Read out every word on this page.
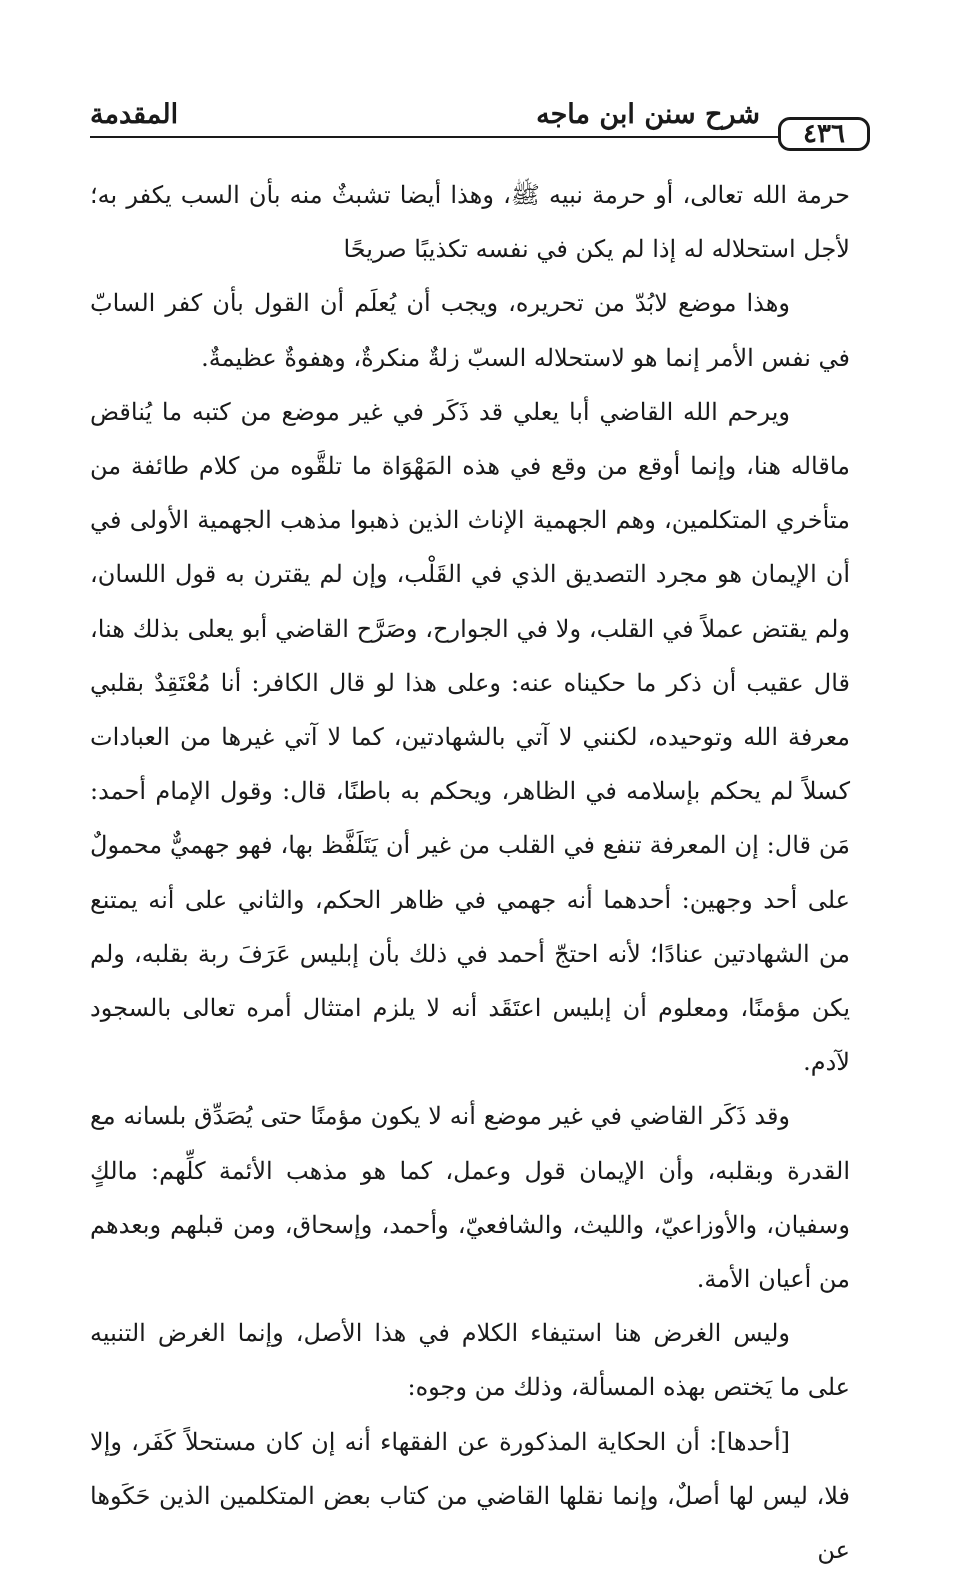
٤٣٦
شرح سنن ابن ماجه
المقدمة

حرمة الله تعالى، أو حرمة نبيه ﷺ، وهذا أيضا تشبثٌ منه بأن السب يكفر به؛ لأجل استحلاله له إذا لم يكن في نفسه تكذيبًا صريحًا

وهذا موضع لابُدّ من تحريره، ويجب أن يُعلَم أن القول بأن كفر السابّ في نفس الأمر إنما هو لاستحلاله السبّ زلةٌ منكرةٌ، وهفوةٌ عظيمةٌ.

ويرحم الله القاضي أبا يعلي قد ذَكَر في غير موضع من كتبه ما يُناقض ماقاله هنا، وإنما أوقع من وقع في هذه المَهْوَاة ما تلقَّوه من كلام طائفة من متأخري المتكلمين، وهم الجهمية الإناث الذين ذهبوا مذهب الجهمية الأولى في أن الإيمان هو مجرد التصديق الذي في القَلْب، وإن لم يقترن به قول اللسان، ولم يقتض عملاً في القلب، ولا في الجوارح، وصَرَّح القاضي أبو يعلى بذلك هنا، قال عقيب أن ذكر ما حكيناه عنه: وعلى هذا لو قال الكافر: أنا مُعْتَقِدٌ بقلبي معرفة الله وتوحيده، لكنني لا آتي بالشهادتين، كما لا آتي غيرها من العبادات كسلاً لم يحكم بإسلامه في الظاهر، ويحكم به باطنًا، قال: وقول الإمام أحمد: مَن قال: إن المعرفة تنفع في القلب من غير أن يَتَلَفَّظ بها، فهو جهميٌّ محمولٌ على أحد وجهين: أحدهما أنه جهمي في ظاهر الحكم، والثاني على أنه يمتنع من الشهادتين عنادًا؛ لأنه احتجّ أحمد في ذلك بأن إبليس عَرَفَ ربة بقلبه، ولم يكن مؤمنًا، ومعلوم أن إبليس اعتَقَد أنه لا يلزم امتثال أمره تعالى بالسجود لآدم.

وقد ذَكَر القاضي في غير موضع أنه لا يكون مؤمنًا حتى يُصَدِّق بلسانه مع القدرة وبقلبه، وأن الإيمان قول وعمل، كما هو مذهب الأئمة كلِّهم: مالكٍ وسفيان، والأوزاعيّ، والليث، والشافعيّ، وأحمد، وإسحاق، ومن قبلهم وبعدهم من أعيان الأمة.

وليس الغرض هنا استيفاء الكلام في هذا الأصل، وإنما الغرض التنبيه على ما يَختص بهذه المسألة، وذلك من وجوه:

[أحدها]: أن الحكاية المذكورة عن الفقهاء أنه إن كان مستحلاً كَفَر، وإلا فلا، ليس لها أصلٌ، وإنما نقلها القاضي من كتاب بعض المتكلمين الذين حَكَوها عن
